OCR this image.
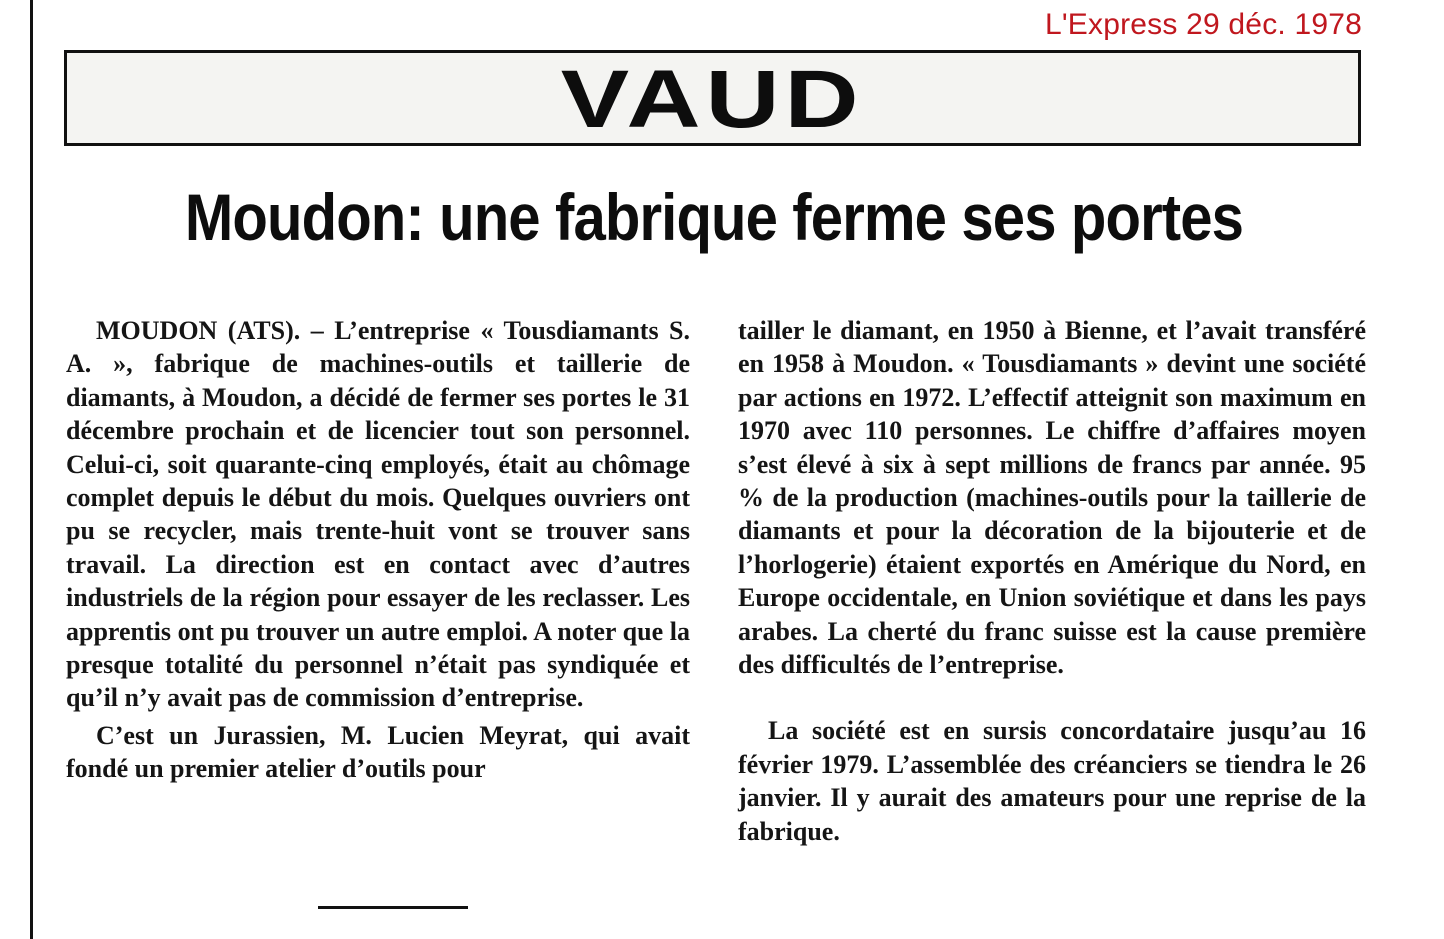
L'Express 29 déc. 1978
VAUD
Moudon: une fabrique ferme ses portes

MOUDON (ATS). – L’entreprise « Tousdiamants S. A. », fabrique de machines-outils et taillerie de diamants, à Moudon, a décidé de fermer ses portes le 31 décembre prochain et de licencier tout son personnel. Celui-ci, soit quarante-cinq employés, était au chômage complet depuis le début du mois. Quelques ouvriers ont pu se recycler, mais trente-huit vont se trouver sans travail. La direction est en contact avec d’autres industriels de la région pour essayer de les reclasser. Les apprentis ont pu trouver un autre emploi. A noter que la presque totalité du personnel n’était pas syndiquée et qu’il n’y avait pas de commission d’entreprise.

C’est un Jurassien, M. Lucien Meyrat, qui avait fondé un premier atelier d’outils pour

tailler le diamant, en 1950 à Bienne, et l’avait transféré en 1958 à Moudon. « Tousdiamants » devint une société par actions en 1972. L’effectif atteignit son maximum en 1970 avec 110 personnes. Le chiffre d’affaires moyen s’est élevé à six à sept millions de francs par année. 95 % de la production (machines-outils pour la taillerie de diamants et pour la décoration de la bijouterie et de l’horlogerie) étaient exportés en Amérique du Nord, en Europe occidentale, en Union soviétique et dans les pays arabes. La cherté du franc suisse est la cause première des difficultés de l’entreprise.

La société est en sursis concordataire jusqu’au 16 février 1979. L’assemblée des créanciers se tiendra le 26 janvier. Il y aurait des amateurs pour une reprise de la fabrique.
